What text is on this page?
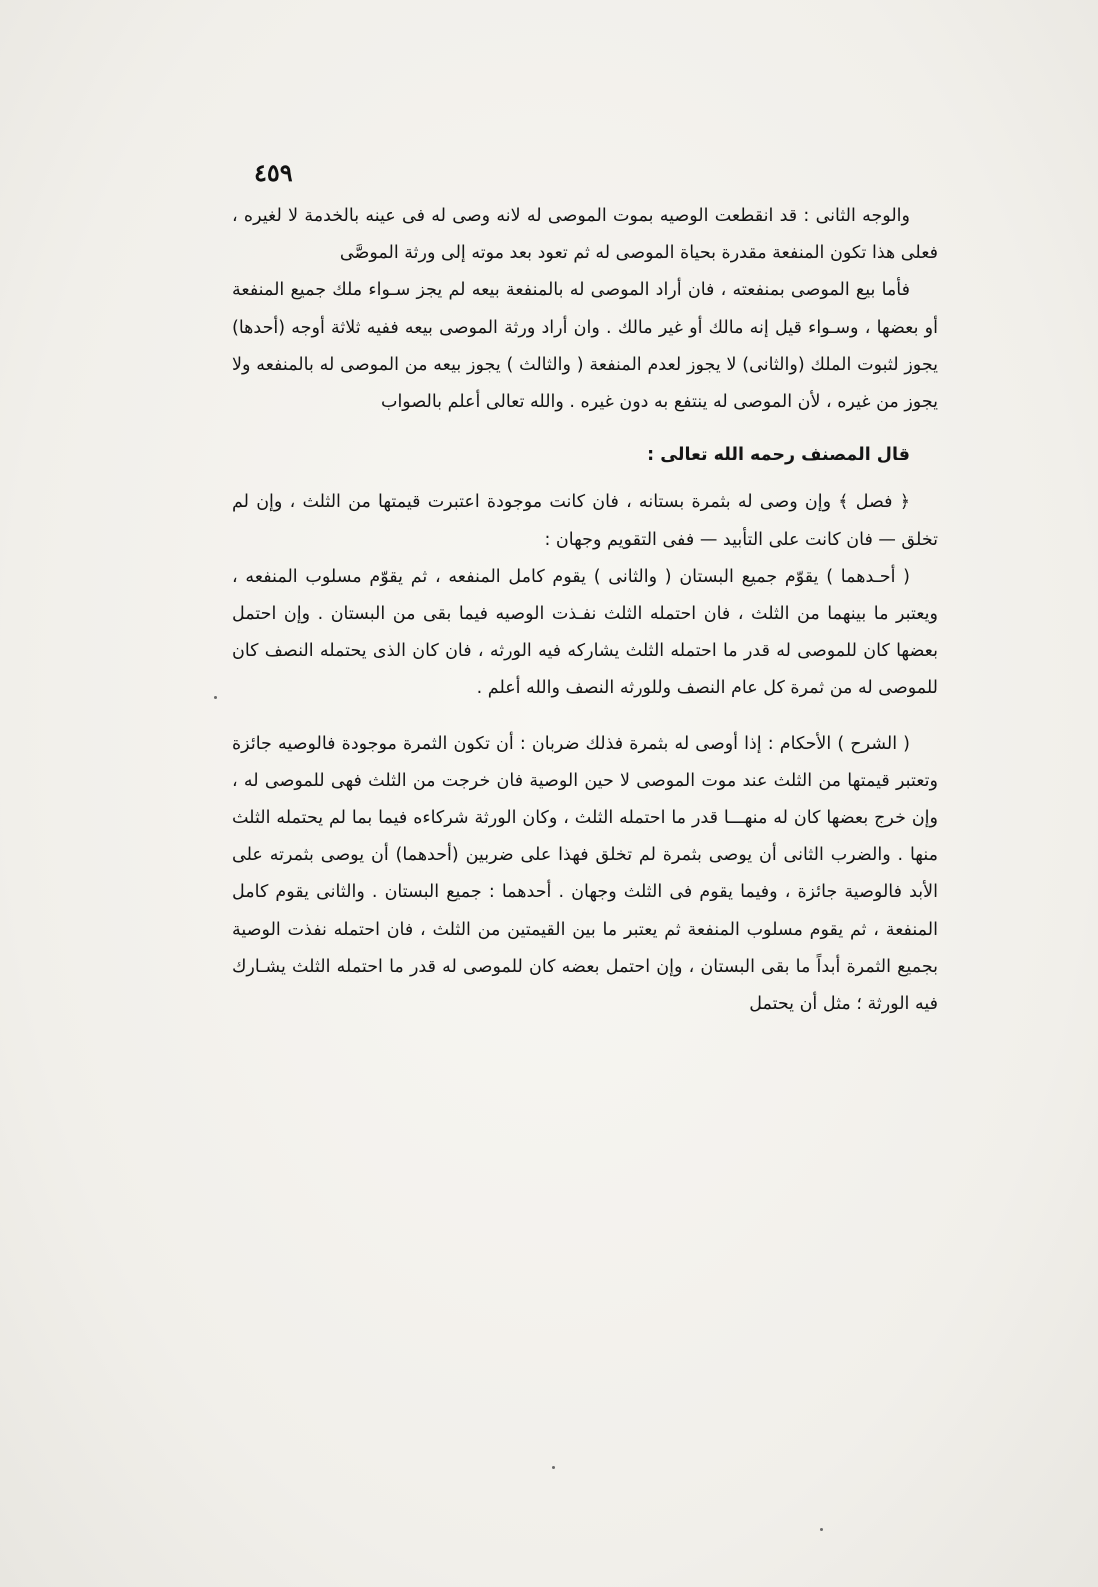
٤٥٩

والوجه الثانى : قد انقطعت الوصيه بموت الموصى له لانه وصى له فى عينه بالخدمة لا لغيره ، فعلى هذا تكون المنفعة مقدرة بحياة الموصى له ثم تعود بعد موته إلى ورثة الموصَّى

فأما بيع الموصى بمنفعته ، فان أراد الموصى له بالمنفعة بيعه لم يجز سـواء ملك جميع المنفعة أو بعضها ، وسـواء قيل إنه مالك أو غير مالك . وان أراد ورثة الموصى بيعه ففيه ثلاثة أوجه (أحدها) يجوز لثبوت الملك (والثانى) لا يجوز لعدم المنفعة ( والثالث ) يجوز بيعه من الموصى له بالمنفعه ولا يجوز من غيره ، لأن الموصى له ينتفع به دون غيره . والله تعالى أعلم بالصواب

قال المصنف رحمه الله تعالى :

﴿ فصل ﴾ وإن وصى له بثمرة بستانه ، فان كانت موجودة اعتبرت قيمتها من الثلث ، وإن لم تخلق — فان كانت على التأبيد — ففى التقويم وجهان :

( أحـدهما ) يقوّم جميع البستان ( والثانى ) يقوم كامل المنفعه ، ثم يقوّم مسلوب المنفعه ، ويعتبر ما بينهما من الثلث ، فان احتمله الثلث نفـذت الوصيه فيما بقى من البستان . وإن احتمل بعضها كان للموصى له قدر ما احتمله الثلث يشاركه فيه الورثه ، فان كان الذى يحتمله النصف كان للموصى له من ثمرة كل عام النصف وللورثه النصف والله أعلم .

( الشرح ) الأحكام : إذا أوصى له بثمرة فذلك ضربان : أن تكون الثمرة موجودة فالوصيه جائزة وتعتبر قيمتها من الثلث عند موت الموصى لا حين الوصية فان خرجت من الثلث فهى للموصى له ، وإن خرج بعضها كان له منهـــا قدر ما احتمله الثلث ، وكان الورثة شركاءه فيما بما لم يحتمله الثلث منها . والضرب الثانى أن يوصى بثمرة لم تخلق فهذا على ضربين (أحدهما) أن يوصى بثمرته على الأبد فالوصية جائزة ، وفيما يقوم فى الثلث وجهان . أحدهما : جميع البستان . والثانى يقوم كامل المنفعة ، ثم يقوم مسلوب المنفعة ثم يعتبر ما بين القيمتين من الثلث ، فان احتمله نفذت الوصية بجميع الثمرة أبداً ما بقى البستان ، وإن احتمل بعضه كان للموصى له قدر ما احتمله الثلث يشـارك فيه الورثة ؛ مثل أن يحتمل
